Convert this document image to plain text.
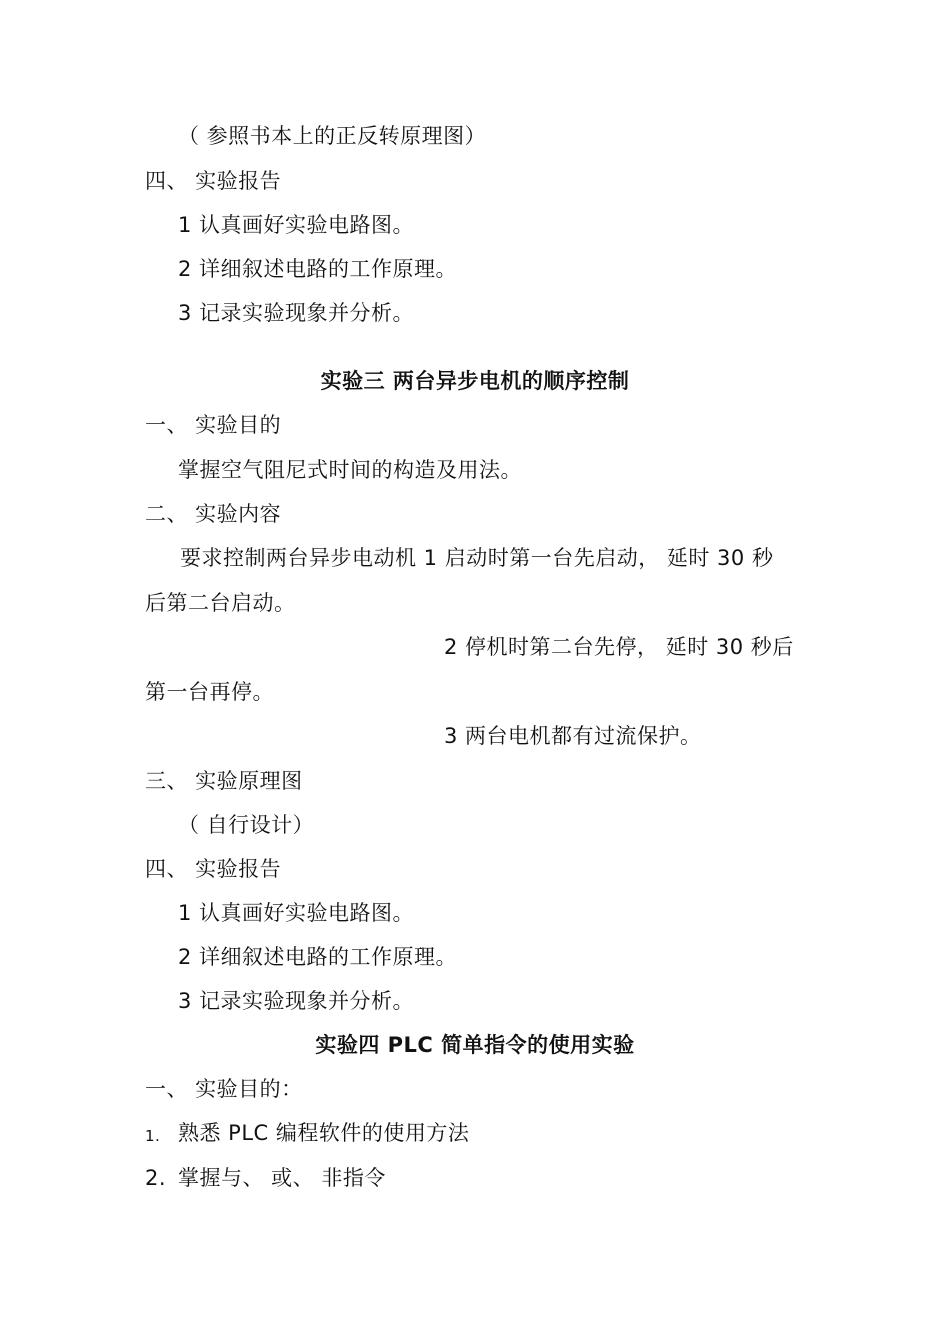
（ 参照书本上的正反转原理图）
四、 实验报告
1 认真画好实验电路图。
2 详细叙述电路的工作原理。
3 记录实验现象并分析。
实验三 两台异步电机的顺序控制
一、 实验目的
掌握空气阻尼式时间的构造及用法。
二、 实验内容
要求控制两台异步电动机 1 启动时第一台先启动， 延时 30 秒
后第二台启动。
2 停机时第二台先停， 延时 30 秒后
第一台再停。
3 两台电机都有过流保护。
三、 实验原理图
（ 自行设计）
四、 实验报告
1 认真画好实验电路图。
2 详细叙述电路的工作原理。
3 记录实验现象并分析。
实验四 PLC 简单指令的使用实验
一、 实验目的：
1. 熟悉 PLC 编程软件的使用方法
2. 掌握与、 或、 非指令
